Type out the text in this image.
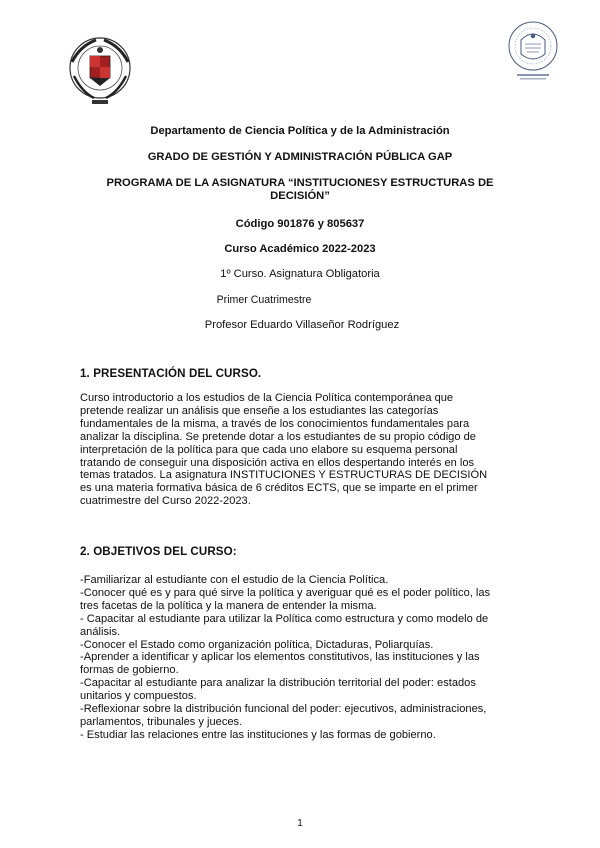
Departamento de Ciencia Política y de la Administración
GRADO DE GESTIÓN Y ADMINISTRACIÓN PÚBLICA GAP
PROGRAMA DE LA ASIGNATURA “INSTITUCIONESY ESTRUCTURAS DE
DECISIÓN”
Código 901876 y 805637
Curso Académico 2022-2023
1º Curso. Asignatura Obligatoria
Primer Cuatrimestre
Profesor Eduardo Villaseñor Rodríguez
1. PRESENTACIÓN DEL CURSO.

Curso introductorio a los estudios de la Ciencia Política contemporánea que

pretende realizar un análisis que enseñe a los estudiantes las categorías

fundamentales de la misma, a través de los conocimientos fundamentales para

analizar la disciplina. Se pretende dotar a los estudiantes de su propio código de

interpretación de la política para que cada uno elabore su esquema personal

tratando de conseguir una disposición activa en ellos despertando interés en los

temas tratados. La asignatura INSTITUCIONES Y ESTRUCTURAS DE DECISIÓN

es una materia formativa básica de 6 créditos ECTS, que se imparte en el primer

cuatrimestre del Curso 2022-2023.

2. OBJETIVOS DEL CURSO:
-Familiarizar al estudiante con el estudio de la Ciencia Política.
-Conocer qué es y para qué sirve la política y averiguar qué es el poder político, las
tres facetas de la política y la manera de entender la misma.
- Capacitar al estudiante para utilizar la Política como estructura y como modelo de
análisis.
-Conocer el Estado como organización política, Dictaduras, Poliarquías.
-Aprender a identificar y aplicar los elementos constitutivos, las instituciones y las
formas de gobierno.
-Capacitar al estudiante para analizar la distribución territorial del poder: estados
unitarios y compuestos.
-Reflexionar sobre la distribución funcional del poder: ejecutivos, administraciones,
parlamentos, tribunales y jueces.
- Estudiar las relaciones entre las instituciones y las formas de gobierno.
1
